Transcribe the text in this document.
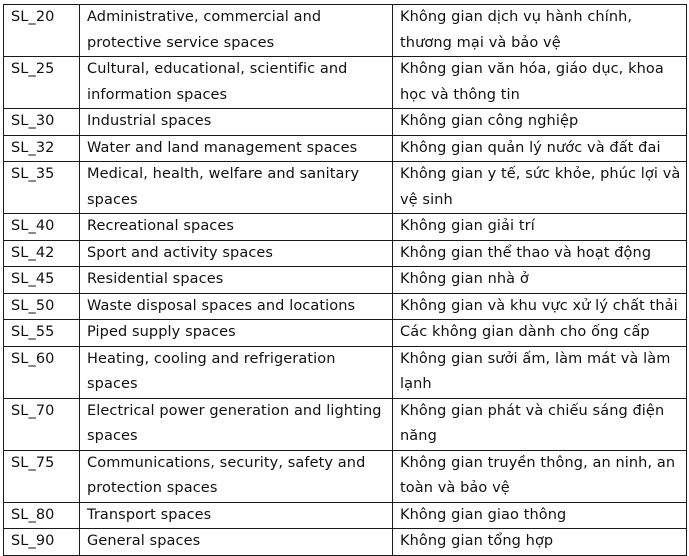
SL_20	Administrative, commercial and protective service spaces	Không gian dịch vụ hành chính, thương mại và bảo vệ
SL_25	Cultural, educational, scientific and information spaces	Không gian văn hóa, giáo dục, khoa học và thông tin
SL_30	Industrial spaces	Không gian công nghiệp
SL_32	Water and land management spaces	Không gian quản lý nước và đất đai
SL_35	Medical, health, welfare and sanitary spaces	Không gian y tế, sức khỏe, phúc lợi và vệ sinh
SL_40	Recreational spaces	Không gian giải trí
SL_42	Sport and activity spaces	Không gian thể thao và hoạt động
SL_45	Residential spaces	Không gian nhà ở
SL_50	Waste disposal spaces and locations	Không gian và khu vực xử lý chất thải
SL_55	Piped supply spaces	Các không gian dành cho ống cấp
SL_60	Heating, cooling and refrigeration spaces	Không gian sưởi ấm, làm mát và làm lạnh
SL_70	Electrical power generation and lighting spaces	Không gian phát và chiếu sáng điện năng
SL_75	Communications, security, safety and protection spaces	Không gian truyền thông, an ninh, an toàn và bảo vệ
SL_80	Transport spaces	Không gian giao thông
SL_90	General spaces	Không gian tổng hợp
